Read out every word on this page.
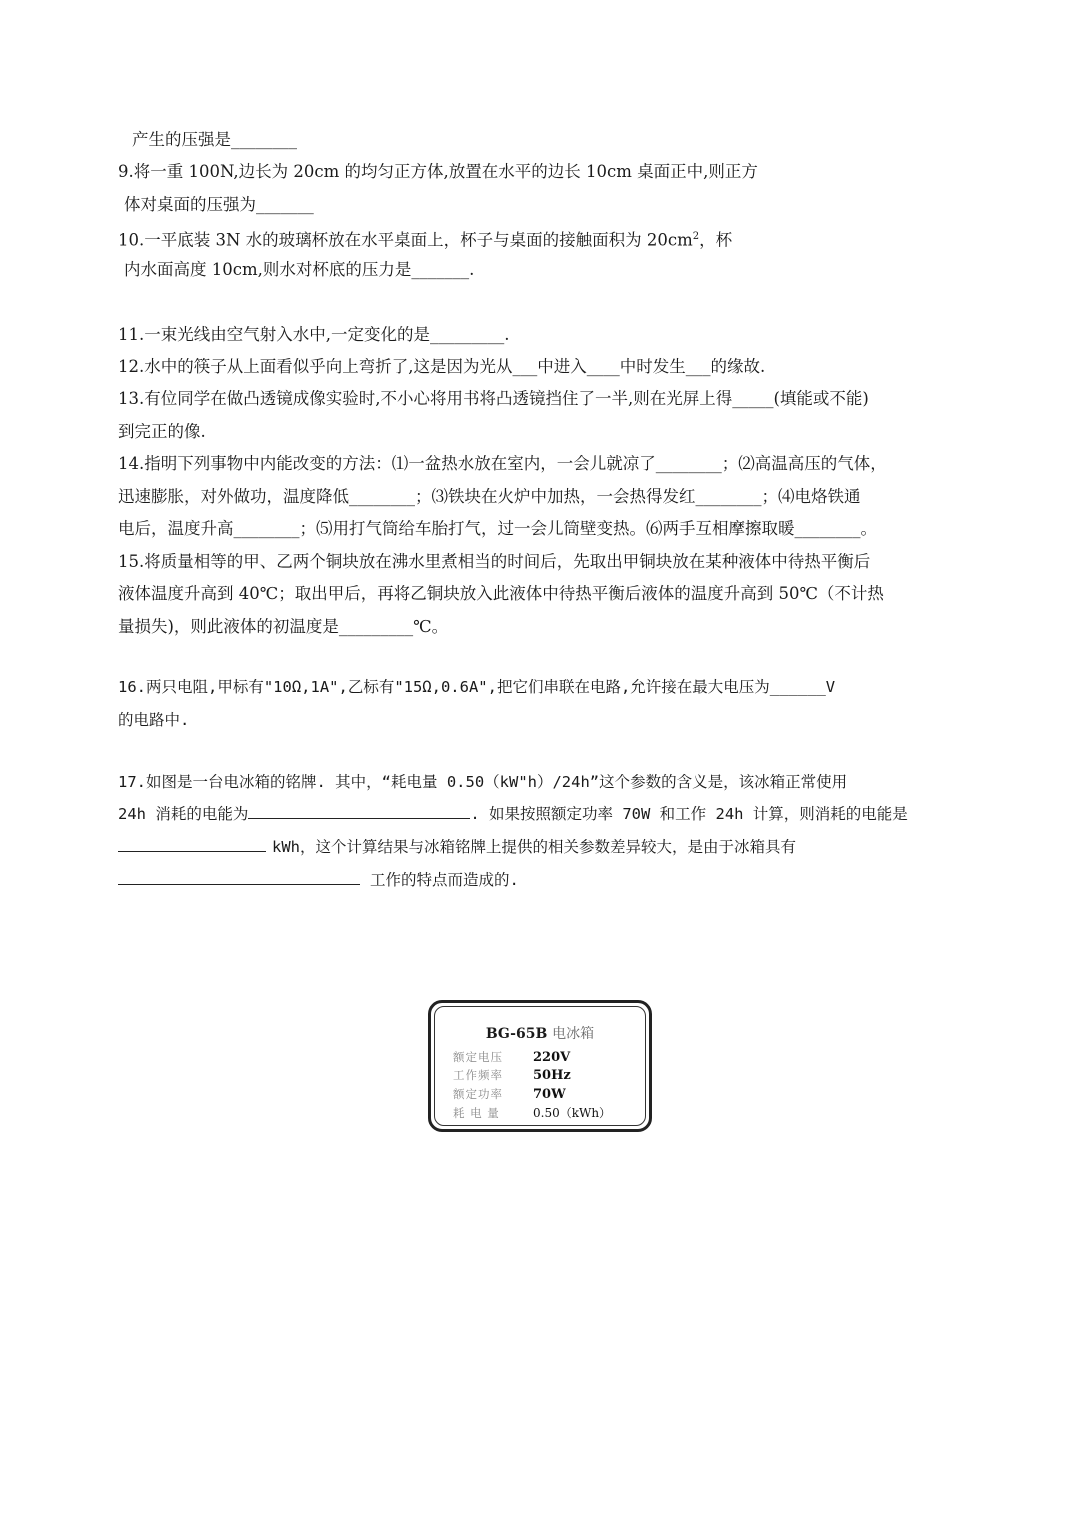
产生的压强是________
9.将一重 100N,边长为 20cm 的均匀正方体,放置在水平的边长 10cm 桌面正中,则正方
体对桌面的压强为_______
10.一平底装 3N 水的玻璃杯放在水平桌面上，杯子与桌面的接触面积为 $20cm^2$，杯
内水面高度 10cm,则水对杯底的压力是_______.
11.一束光线由空气射入水中,一定变化的是_________.
12.水中的筷子从上面看似乎向上弯折了,这是因为光从___中进入____中时发生___的缘故.
13.有位同学在做凸透镜成像实验时,不小心将用书将凸透镜挡住了一半,则在光屏上得_____(填能或不能)
到完正的像.
14.指明下列事物中内能改变的方法：⑴一盆热水放在室内，一会儿就凉了________；⑵高温高压的气体，
迅速膨胀，对外做功，温度降低________；⑶铁块在火炉中加热，一会热得发红________；⑷电烙铁通
电后，温度升高________；⑸用打气筒给车胎打气，过一会儿筒壁变热。⑹两手互相摩擦取暖________。
15.将质量相等的甲、乙两个铜块放在沸水里煮相当的时间后，先取出甲铜块放在某种液体中待热平衡后
液体温度升高到 40℃；取出甲后，再将乙铜块放入此液体中待热平衡后液体的温度升高到 50℃（不计热
量损失)，则此液体的初温度是_________℃。
16.两只电阻,甲标有"10Ω,1A",乙标有"15Ω,0.6A",把它们串联在电路,允许接在最大电压为______V
的电路中.
17.如图是一台电冰箱的铭牌. 其中，“耗电量 0.50（kW"h）/24h”这个参数的含义是，该冰箱正常使用
24h 消耗的电能为	. 如果按照额定功率 70W 和工作 24h 计算，则消耗的电能是
kWh，这个计算结果与冰箱铭牌上提供的相关参数差异较大，是由于冰箱具有
工作的特点而造成的.
BG-65B 电冰箱
额定电压 220V
工作频率 50Hz
额定功率 70W
耗 电 量	0.50（kWh）
